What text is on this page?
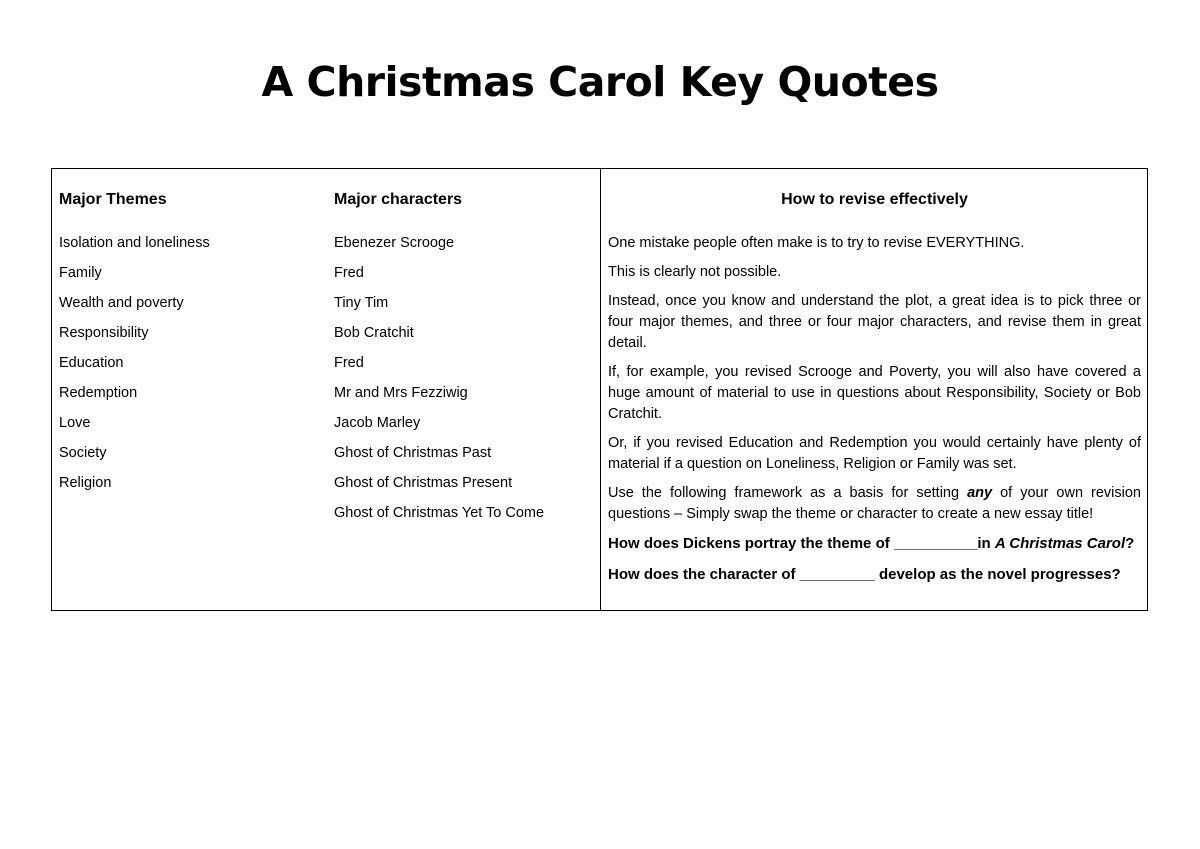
A Christmas Carol Key Quotes
Major Themes
Isolation and loneliness
Family
Wealth and poverty
Responsibility
Education
Redemption
Love
Society
Religion
Major characters
Ebenezer Scrooge
Fred
Tiny Tim
Bob Cratchit
Fred
Mr and Mrs Fezziwig
Jacob Marley
Ghost of Christmas Past
Ghost of Christmas Present
Ghost of Christmas Yet To Come
How to revise effectively

One mistake people often make is to try to revise EVERYTHING.

This is clearly not possible.

Instead, once you know and understand the plot, a great idea is to pick three or four major themes, and three or four major characters, and revise them in great detail.

If, for example, you revised Scrooge and Poverty, you will also have covered a huge amount of material to use in questions about Responsibility, Society or Bob Cratchit.

Or, if you revised Education and Redemption you would certainly have plenty of material if a question on Loneliness, Religion or Family was set.

Use the following framework as a basis for setting any of your own revision questions – Simply swap the theme or character to create a new essay title!

How does Dickens portray the theme of __________in A Christmas Carol?

How does the character of _________ develop as the novel progresses?
